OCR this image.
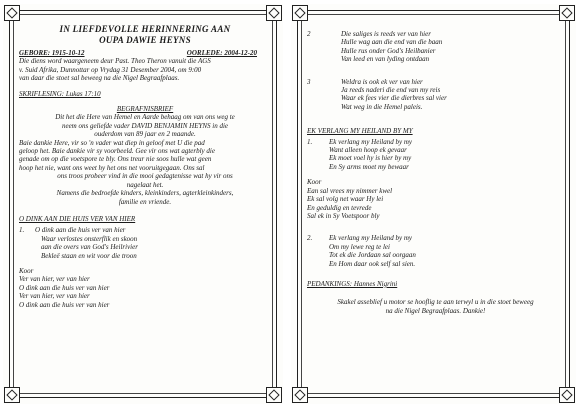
IN LIEFDEVOLLE HERINNERING AAN
OUPA DAWIE HEYNS
GEBORE: 1915-10-12	OORLEDE: 2004-12-20
Die diens word waargeneem deur Past. Theo Theron vanuit die AGS
v. Suid Afrika, Dunnottar op Vrydag 31 Desember 2004, om 9:00
van daar die stoet sal beweeg na die Nigel Begraafplaas.
SKRIFLESING: Lukas 17:10
BEGRAFNISBRIEF
Dit het die Here van Hemel en Aarde behaag om van ons weg te
neem ons geliefde vader DAVID BENJAMIN HEYNS in die
ouderdom van 89 jaar en 2 maande.
Baie dankie Here, vir so 'n vader wat diep in geloof met U die pad
geloop het. Baie dankie vir sy voorbeeld. Gee vir ons wat agterbly die
genade om op die voetspore te bly. Ons treur nie soos hulle wat geen
hoop het nie, want ons weet hy het ons net vooruitgegaan. Ons sal
ons troos probeer vind in die mooi gedagtenisse wat hy vir ons
nagelaat het.
Namens die bedroefde kinders, kleinkinders, agterkleinkinders,
familie en vriende.
O DINK AAN DIE HUIS VER VAN HIER
1.	O dink aan die huis ver van hier
Waar verlostes onsterflik en skoon
aan die overs van God's Heilrivier
Bekleë staan en wit voor die troon
Koor
Ver van hier, ver van hier
O dink aan die huis ver van hier
Ver van hier, ver van hier
O dink aan die huis ver van hier
2	Die saliges is reeds ver van hier
Hulle wag aan die end van die baan
Hulle rus onder God's Heilbanier
Van leed en van lyding ontdaan
3	Weldra is ook ek ver van hier
Ja reeds naderi die end van my reis
Waar ek fees vier die dierbres sal vier
Wat weg in die Hemel paleis.
EK VERLANG MY HEILAND BY MY
1.	Ek verlang my Heiland by my
Want alleen hoop ek gevaar
Ek moet voel hy is hier by my
En Sy arms moet my bewaar
Koor
Ean sal vrees my nimmer kwel
Ek sal volg net waar Hy lei
En geduldig en tevrede
Sal ek in Sy Voetspoor bly
2.	Ek verlang my Heiland by my
Om my lewe reg te lei
Tot ek die Jordaan sal oorgaan
En Hom daar ook self sal sien.
PEDANKINGS: Hannes Nigrini
Skakel asseblief u motor se hooflig te aan terwyl u in die stoet beweeg
na die Nigel Begraafplaas. Dankie!
